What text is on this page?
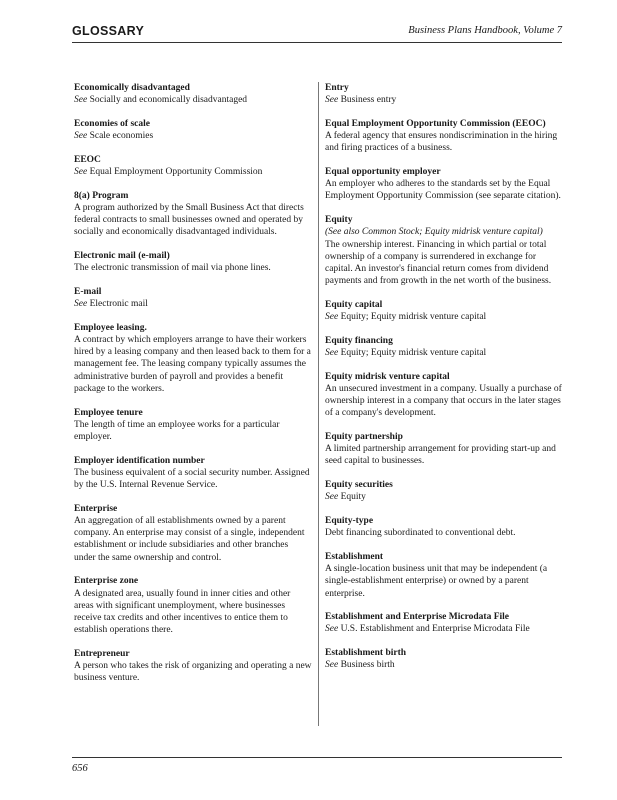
GLOSSARY	Business Plans Handbook, Volume 7
Economically disadvantaged
See Socially and economically disadvantaged
Economies of scale
See Scale economies
EEOC
See Equal Employment Opportunity Commission
8(a) Program
A program authorized by the Small Business Act that directs federal contracts to small businesses owned and operated by socially and economically disadvantaged individuals.
Electronic mail (e-mail)
The electronic transmission of mail via phone lines.
E-mail
See Electronic mail
Employee leasing.
A contract by which employers arrange to have their workers hired by a leasing company and then leased back to them for a management fee. The leasing company typically assumes the administrative burden of payroll and provides a benefit package to the workers.
Employee tenure
The length of time an employee works for a particular employer.
Employer identification number
The business equivalent of a social security number. Assigned by the U.S. Internal Revenue Service.
Enterprise
An aggregation of all establishments owned by a parent company. An enterprise may consist of a single, independent establishment or include subsidiaries and other branches under the same ownership and control.
Enterprise zone
A designated area, usually found in inner cities and other areas with significant unemployment, where businesses receive tax credits and other incentives to entice them to establish operations there.
Entrepreneur
A person who takes the risk of organizing and operating a new business venture.
Entry
See Business entry
Equal Employment Opportunity Commission (EEOC)
A federal agency that ensures nondiscrimination in the hiring and firing practices of a business.
Equal opportunity employer
An employer who adheres to the standards set by the Equal Employment Opportunity Commission (see separate citation).
Equity
(See also Common Stock; Equity midrisk venture capital)
The ownership interest. Financing in which partial or total ownership of a company is surrendered in exchange for capital. An investor's financial return comes from dividend payments and from growth in the net worth of the business.
Equity capital
See Equity; Equity midrisk venture capital
Equity financing
See Equity; Equity midrisk venture capital
Equity midrisk venture capital
An unsecured investment in a company. Usually a purchase of ownership interest in a company that occurs in the later stages of a company's development.
Equity partnership
A limited partnership arrangement for providing start-up and seed capital to businesses.
Equity securities
See Equity
Equity-type
Debt financing subordinated to conventional debt.
Establishment
A single-location business unit that may be independent (a single-establishment enterprise) or owned by a parent enterprise.
Establishment and Enterprise Microdata File
See U.S. Establishment and Enterprise Microdata File
Establishment birth
See Business birth
656
